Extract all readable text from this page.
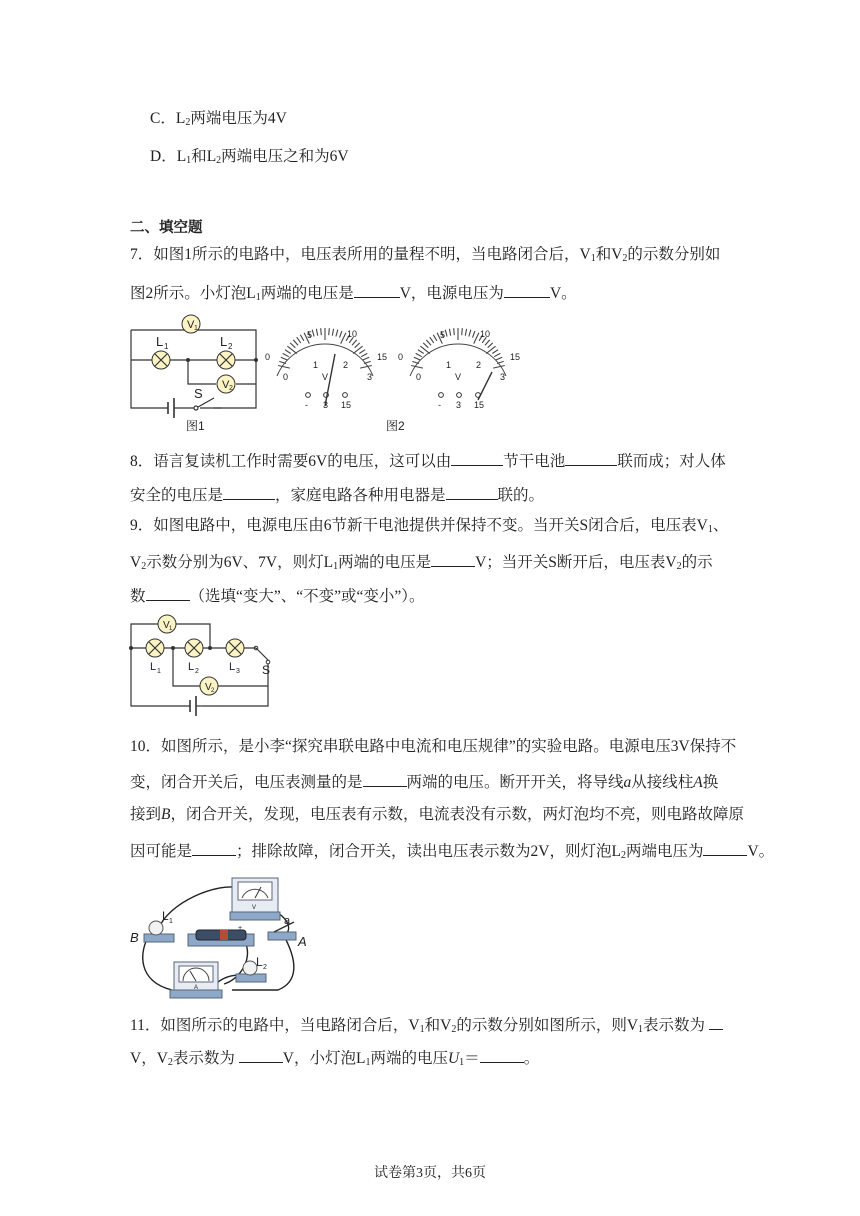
C．$L_2$两端电压为4V
D．$L_1$和$L_2$两端电压之和为6V
二、填空题
7．如图1所示的电路中，电压表所用的量程不明，当电路闭合后，$V_1$和$V_2$的示数分别如
图2所示。小灯泡$L_1$两端的电压是	V，电源电压为	V。
V 1
L 1	L 2
V 2
S
图1
5	10
15
0
0
1	2
3
V
- 3 15
5	10
15
0
0
1	2
3
V
- 3 15
图2
8．语言复读机工作时需要6V的电压，这可以由	节干电池	联而成；对人体
安全的电压是	，家庭电路各种用电器是	联的。
9．如图电路中，电源电压由6节新干电池提供并保持不变。当开关S闭合后，电压表$V_1$、
$V_2$示数分别为6V、7V，则灯$L_1$两端的电压是	V；当开关S断开后，电压表$V_2$的示
数	（选填“变大”、“不变”或“变小”）。
V 1
L 1 L 2	L 3 S
V 2
10．如图所示，是小李“探究串联电路中电流和电压规律”的实验电路。电源电压3V保持不
变，闭合开关后，电压表测量的是	两端的电压。断开开关，将导线a从接线柱A换
接到B，闭合开关，发现，电压表有示数，电流表没有示数，两灯泡均不亮，则电路故障原
因可能是	；排除故障，闭合开关，读出电压表示数为2V，则灯泡$L_2$两端电压为	V。
V
A
+
B
L 1	a
A
L 2
11．如图所示的电路中，当电路闭合后，$V_1$和$V_2$的示数分别如图所示，则$V_1$表示数为
V，$V_2$表示数为	V，小灯泡$L_1$两端的电压$U_1=$	。
试卷第3页，共6页
